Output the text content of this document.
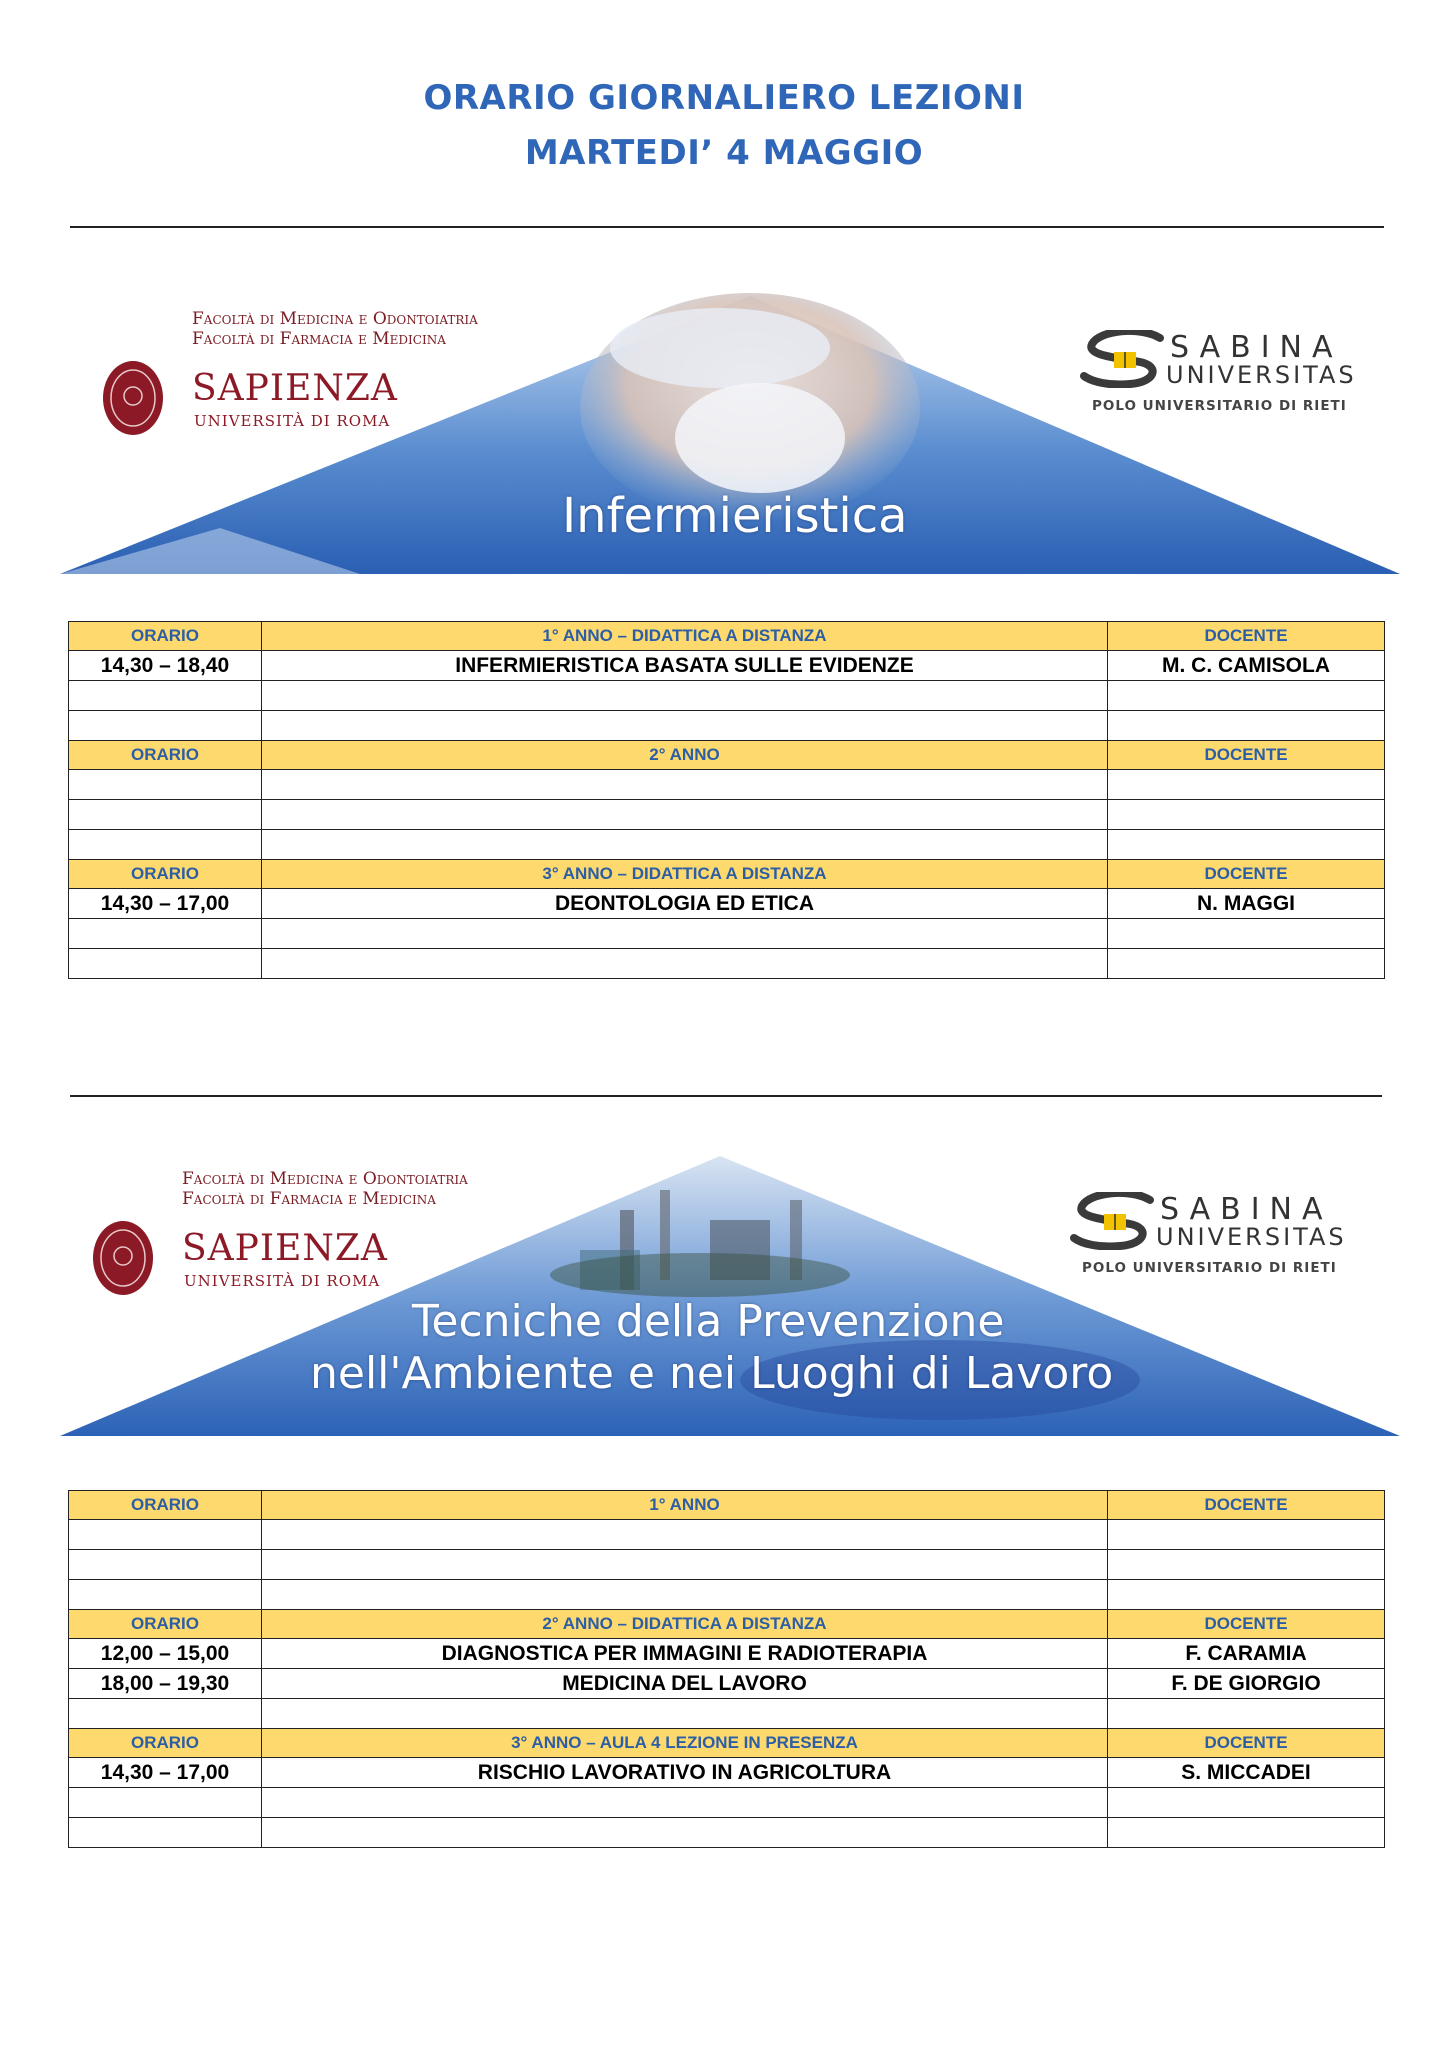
ORARIO GIORNALIERO LEZIONI
MARTEDI’ 4 MAGGIO
Facoltà di Medicina e Odontoiatria
Facoltà di Farmacia e Medicina
SAPIENZA
UNIVERSITÀ DI ROMA
SABINA
UNIVERSITAS
POLO UNIVERSITARIO DI RIETI
Infermieristica
ORARIO	1° ANNO – DIDATTICA A DISTANZA	DOCENTE
14,30 – 18,40	INFERMIERISTICA BASATA SULLE EVIDENZE	M. C. CAMISOLA

ORARIO	2° ANNO	DOCENTE

ORARIO	3° ANNO – DIDATTICA A DISTANZA	DOCENTE
14,30 – 17,00	DEONTOLOGIA ED ETICA	N. MAGGI

Facoltà di Medicina e Odontoiatria
Facoltà di Farmacia e Medicina
SAPIENZA
UNIVERSITÀ DI ROMA
SABINA
UNIVERSITAS
POLO UNIVERSITARIO DI RIETI
Tecniche della Prevenzione
nell'Ambiente e nei Luoghi di Lavoro
ORARIO	1° ANNO	DOCENTE

ORARIO	2° ANNO – DIDATTICA A DISTANZA	DOCENTE
12,00 – 15,00	DIAGNOSTICA PER IMMAGINI E RADIOTERAPIA	F. CARAMIA
18,00 – 19,30	MEDICINA DEL LAVORO	F. DE GIORGIO

ORARIO	3° ANNO – AULA 4 LEZIONE IN PRESENZA	DOCENTE
14,30 – 17,00	RISCHIO LAVORATIVO IN AGRICOLTURA	S. MICCADEI
